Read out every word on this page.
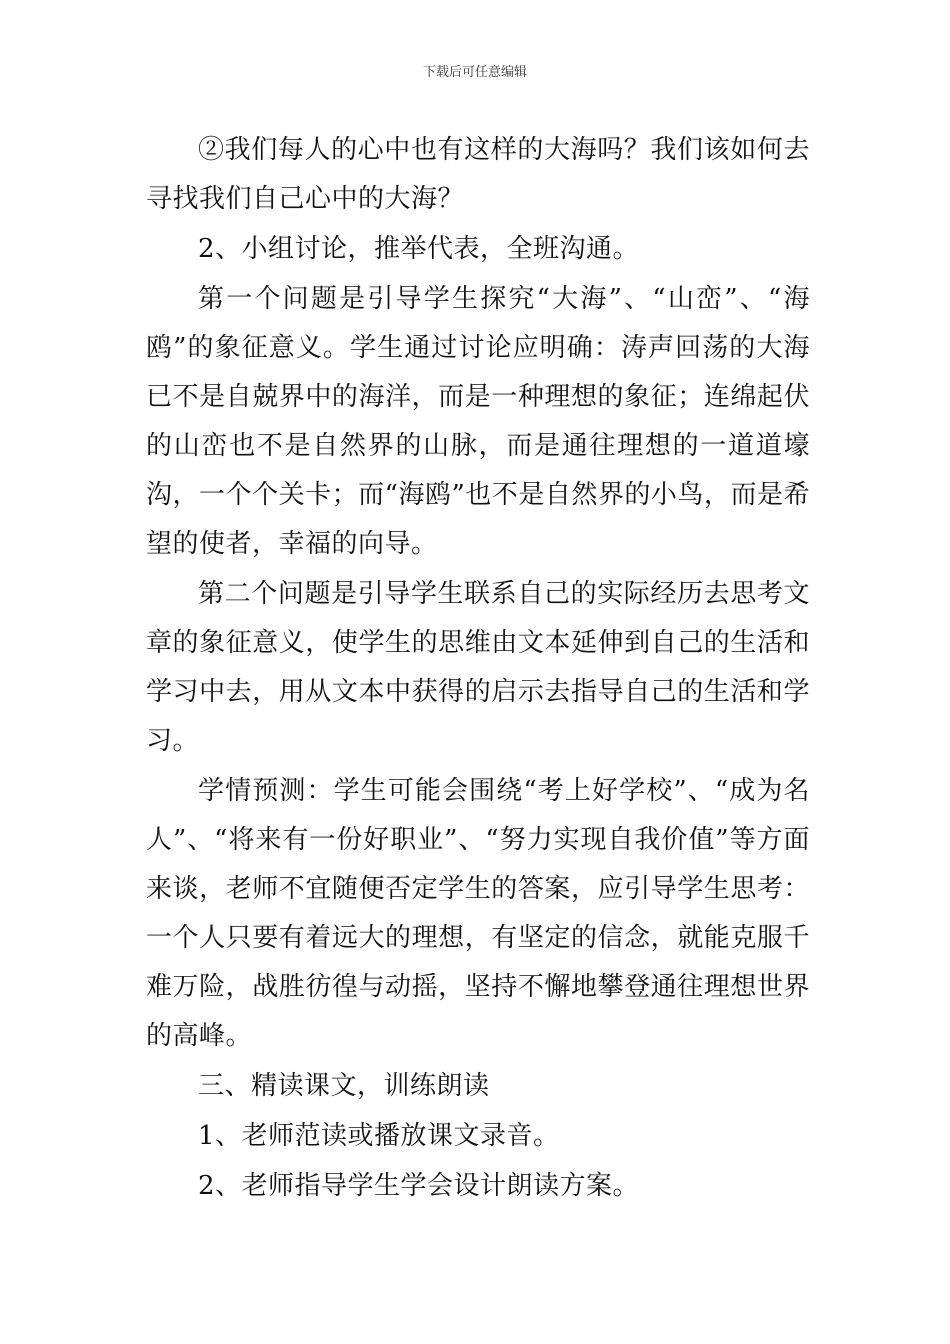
下载后可任意编辑

②我们每人的心中也有这样的大海吗？我们该如何去寻找我们自己心中的大海？

2、小组讨论，推举代表，全班沟通。

第一个问题是引导学生探究“大海”、“山峦”、“海鸥”的象征意义。学生通过讨论应明确：涛声回荡的大海已不是自兢界中的海洋，而是一种理想的象征；连绵起伏的山峦也不是自然界的山脉，而是通往理想的一道道壕沟，一个个关卡；而“海鸥”也不是自然界的小鸟，而是希望的使者，幸福的向导。

第二个问题是引导学生联系自己的实际经历去思考文章的象征意义，使学生的思维由文本延伸到自己的生活和学习中去，用从文本中获得的启示去指导自己的生活和学习。

学情预测：学生可能会围绕“考上好学校”、“成为名人”、“将来有一份好职业”、“努力实现自我价值”等方面来谈，老师不宜随便否定学生的答案，应引导学生思考：一个人只要有着远大的理想，有坚定的信念，就能克服千难万险，战胜彷徨与动摇，坚持不懈地攀登通往理想世界的高峰。

三、精读课文，训练朗读

1、老师范读或播放课文录音。

2、老师指导学生学会设计朗读方案。
